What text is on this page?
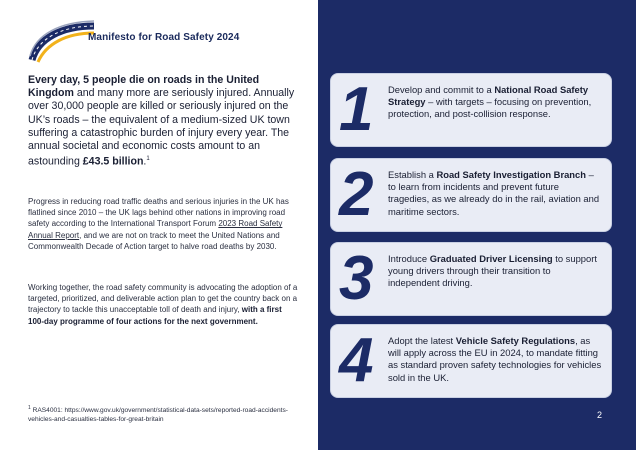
Manifesto for Road Safety 2024

Every day, 5 people die on roads in the United Kingdom and many more are seriously injured. Annually over 30,000 people are killed or seriously injured on the UK’s roads – the equivalent of a medium-sized UK town suffering a catastrophic burden of injury every year. The annual societal and economic costs amount to an astounding £43.5 billion.$^1$

Progress in reducing road traffic deaths and serious injuries in the UK has flatlined since 2010 – the UK lags behind other nations in improving road safety according to the International Transport Forum 2023 Road Safety Annual Report, and we are not on track to meet the United Nations and Commonwealth Decade of Action target to halve road deaths by 2030.

Working together, the road safety community is advocating the adoption of a targeted, prioritized, and deliverable action plan to get the country back on a trajectory to tackle this unacceptable toll of death and injury, with a first 100-day programme of four actions for the next government.

$^1$ RAS4001: https://www.gov.uk/government/statistical-data-sets/reported-road-accidents-vehicles-and-casualties-tables-for-great-britain

1 Develop and commit to a National Road Safety Strategy – with targets – focusing on prevention, protection, and post-collision response.

2 Establish a Road Safety Investigation Branch – to learn from incidents and prevent future tragedies, as we already do in the rail, aviation and maritime sectors.

3 Introduce Graduated Driver Licensing to support young drivers through their transition to independent driving.

4 Adopt the latest Vehicle Safety Regulations, as will apply across the EU in 2024, to mandate fitting as standard proven safety technologies for vehicles sold in the UK.

2
